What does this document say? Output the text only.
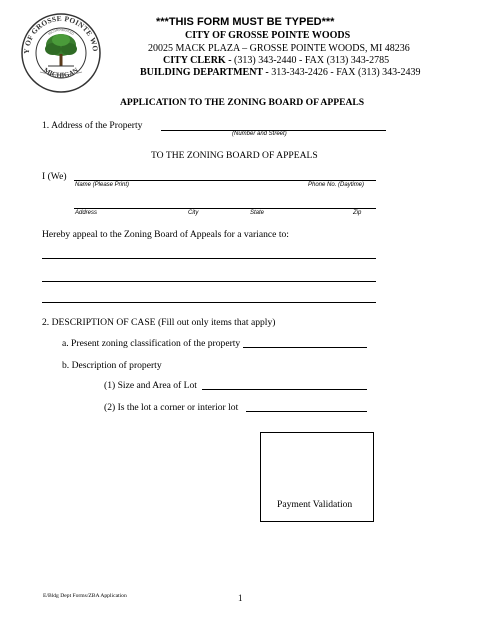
Y OF GROSSE POINTE WO
MICHIGAN
INCORPORATED
***THIS FORM MUST BE TYPED***
CITY OF GROSSE POINTE WOODS
20025 MACK PLAZA – GROSSE POINTE WOODS, MI 48236
CITY CLERK - (313) 343-2440 - FAX (313) 343-2785
BUILDING DEPARTMENT - 313-343-2426 - FAX (313) 343-2439
APPLICATION TO THE ZONING BOARD OF APPEALS
1. Address of the Property
(Number and Street)
TO THE ZONING BOARD OF APPEALS
I (We)
Name (Please Print)	Phone No. (Daytime)
Address	City	State	Zip
Hereby appeal to the Zoning Board of Appeals for a variance to:
2. DESCRIPTION OF CASE (Fill out only items that apply)
a. Present zoning classification of the property
b. Description of property
(1) Size and Area of Lot
(2) Is the lot a corner or interior lot
Payment Validation
E/Bldg Dept Forms/ZBA Application	1
